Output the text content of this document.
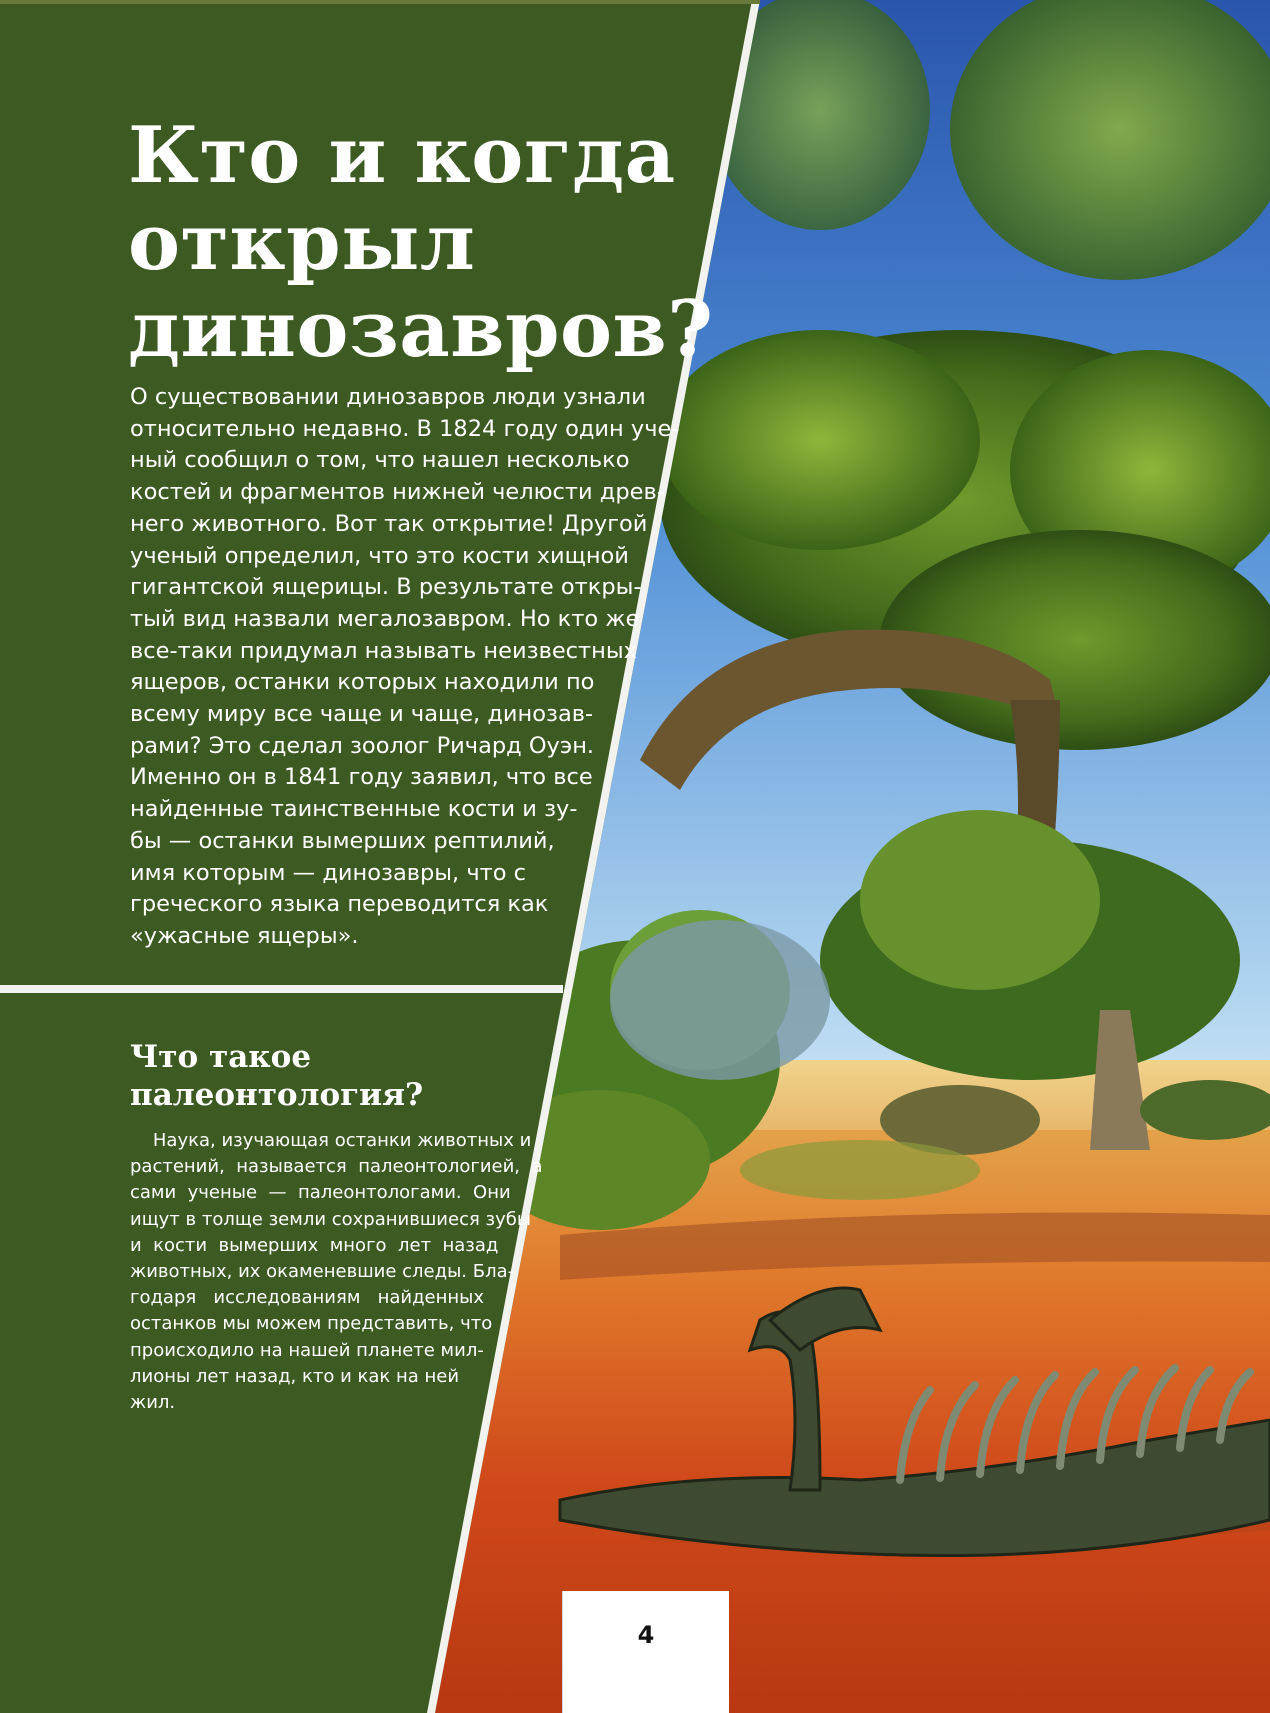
Кто и когда
открыл
динозавров?
О существовании динозавров люди узнали
относительно недавно. В 1824 году один уче-
ный сообщил о том, что нашел несколько
костей и фрагментов нижней челюсти древ-
него животного. Вот так открытие! Другой
ученый определил, что это кости хищной
гигантской ящерицы. В результате откры-
тый вид назвали мегалозавром. Но кто же
все-таки придумал называть неизвестных
ящеров, останки которых находили по
всему миру все чаще и чаще, динозав-
рами? Это сделал зоолог Ричард Оуэн.
Именно он в 1841 году заявил, что все
найденные таинственные кости и зу-
бы — останки вымерших рептилий,
имя которым — динозавры, что с
греческого языка переводится как
«ужасные ящеры».
Что такое
палеонтология?
Наука, изучающая останки животных и
растений,  называется  палеонтологией,  а
сами  ученые  —  палеонтологами.  Они
ищут в толще земли сохранившиеся зубы
и  кости  вымерших  много  лет  назад
животных, их окаменевшие следы. Бла-
годаря   исследованиям   найденных
останков мы можем представить, что
происходило на нашей планете мил-
лионы лет назад, кто и как на ней
жил.
4
